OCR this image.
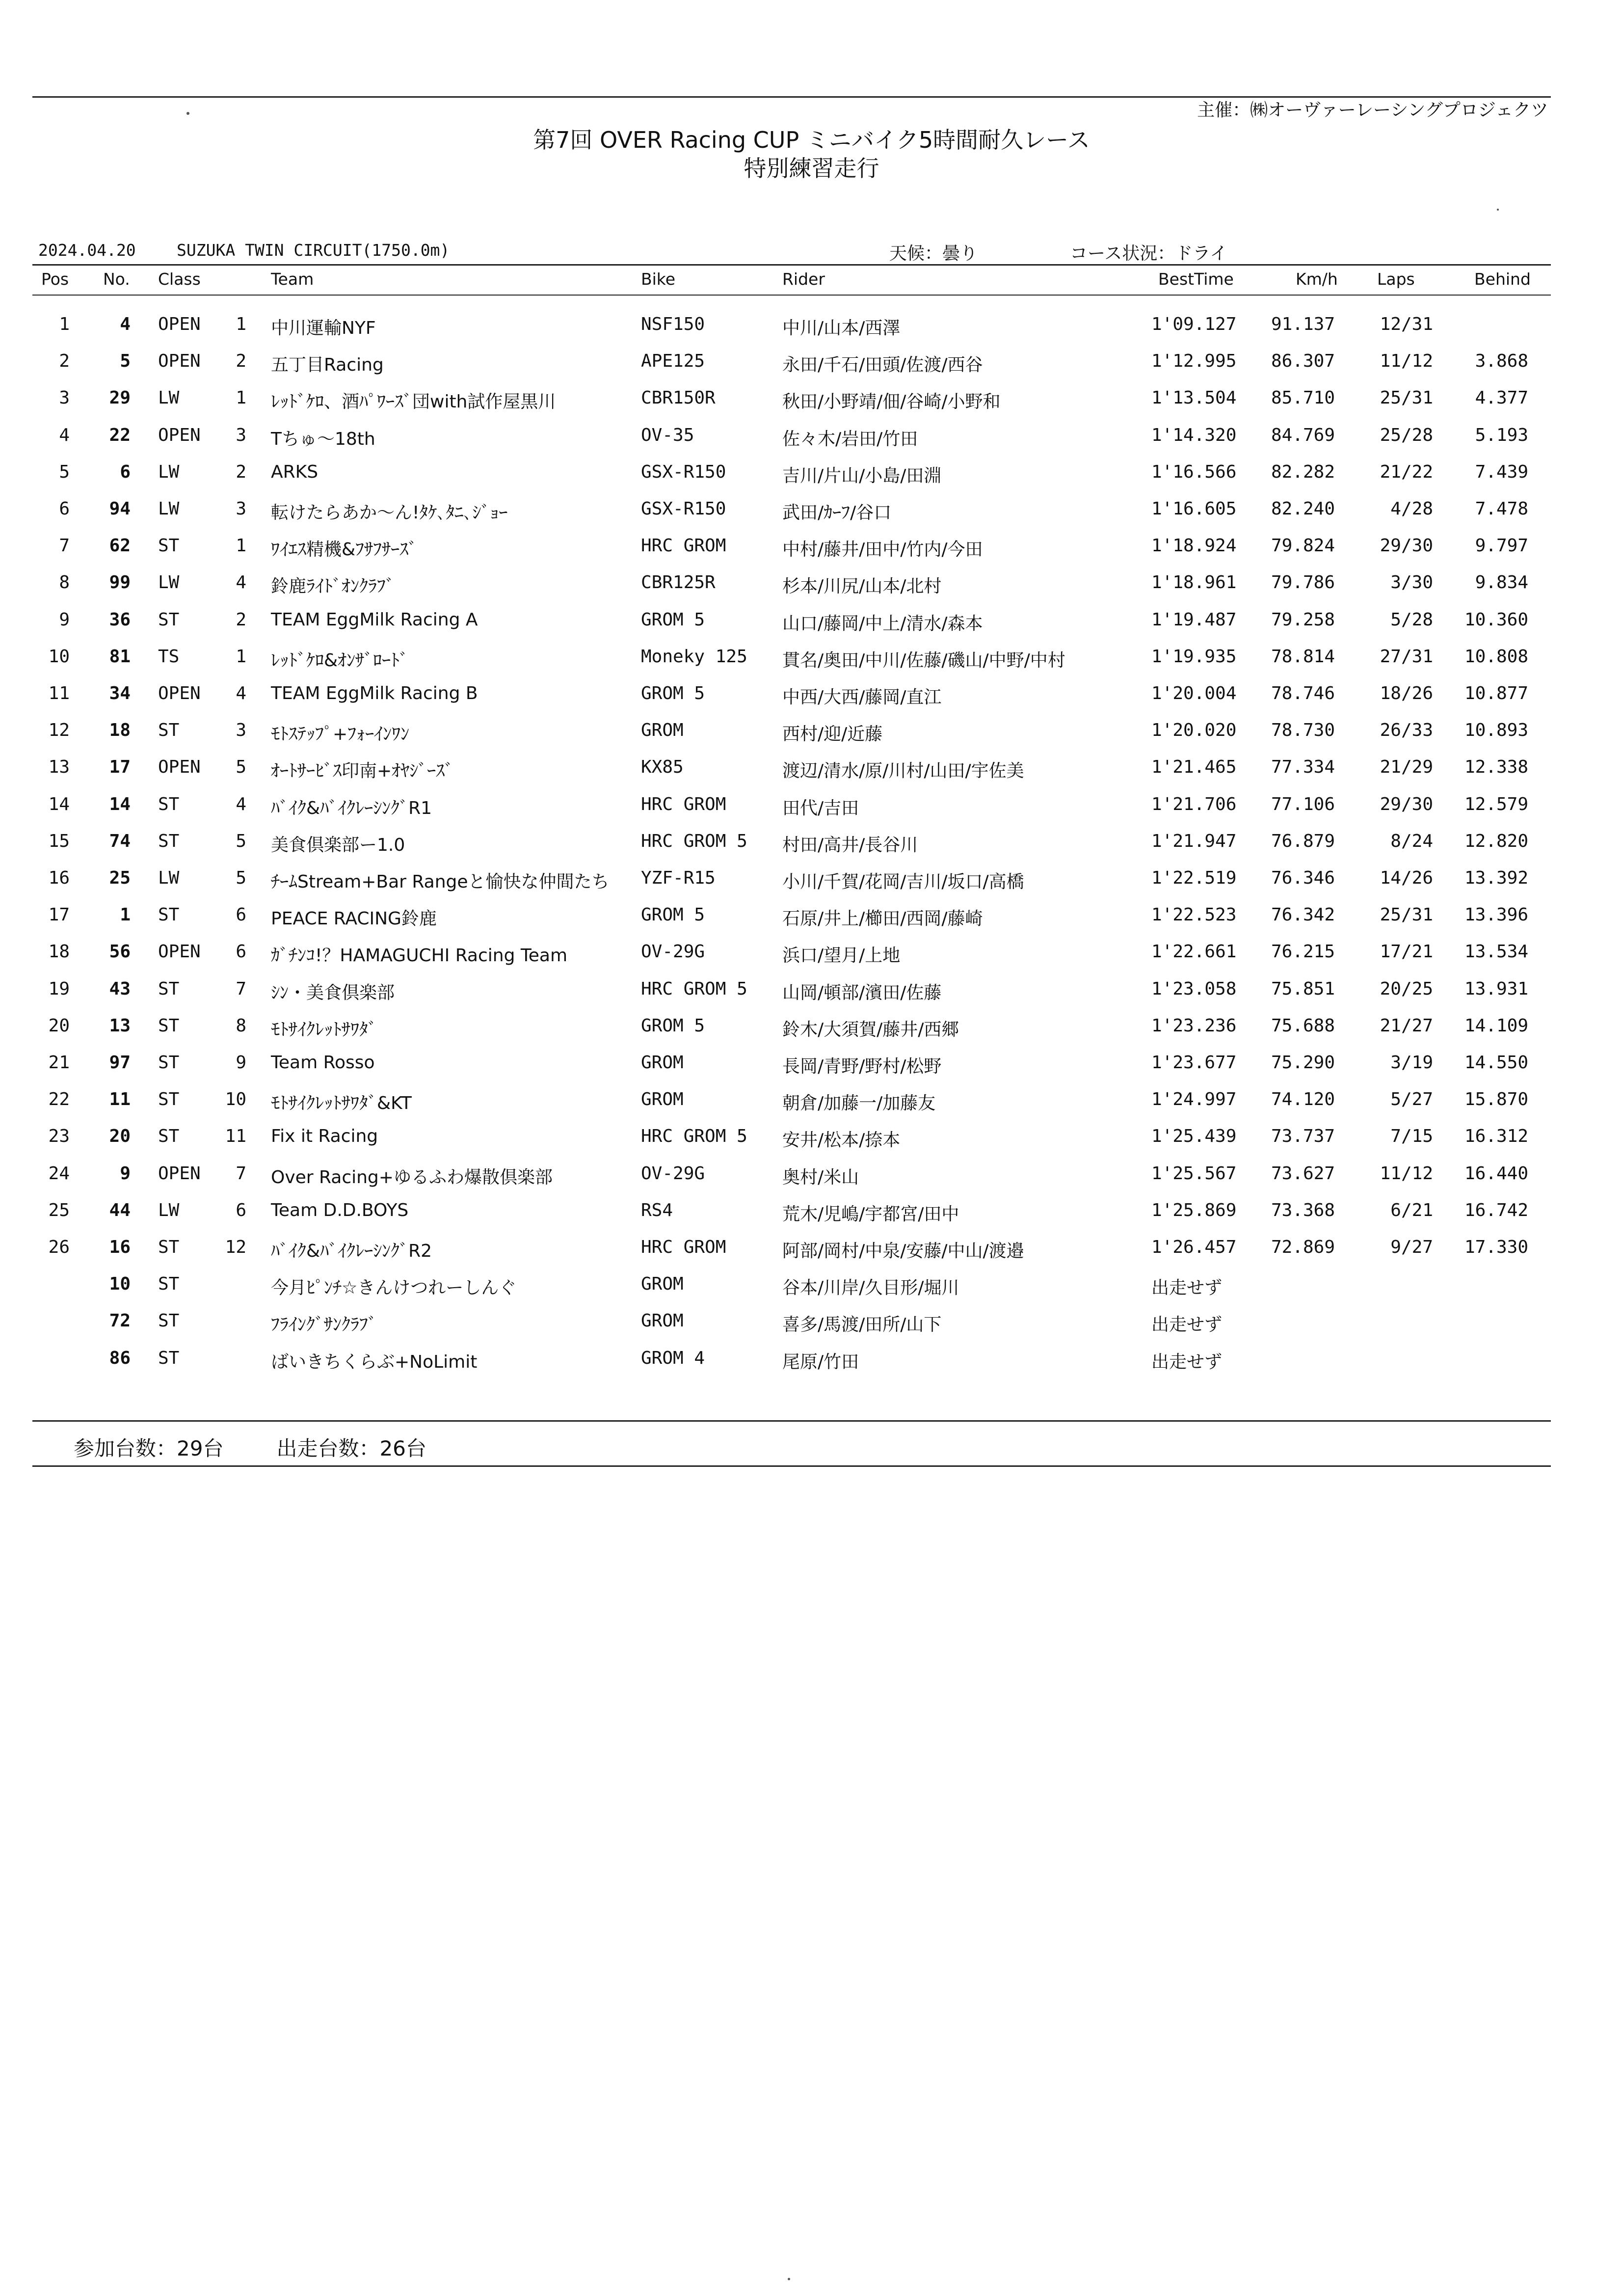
主催：㈱オーヴァーレーシングプロジェクツ
第7回 OVER Racing CUP ミニバイク5時間耐久レース
特別練習走行
2024.04.20	SUZUKA TWIN CIRCUIT(1750.0m)	天候：曇り	コース状況：ドライ
Pos No. Class	Team	Bike	Rider	BestTime	Km/h Laps	Behind
1	4 OPEN	1 中川運輸NYF	NSF150	中川/山本/西澤	1'09.127	91.137	12/31
2	5 OPEN	2 五丁目Racing	APE125	永田/千石/田頭/佐渡/西谷	1'12.995	86.307	11/12	3.868
3	29 LW	1 ﾚｯﾄﾞｹﾛ、酒ﾊﾟﾜｰｽﾞ団with試作屋黒川	CBR150R	秋田/小野靖/佃/谷崎/小野和	1'13.504	85.710	25/31	4.377
4	22 OPEN	3 Tちゅ～18th	OV-35	佐々木/岩田/竹田	1'14.320	84.769	25/28	5.193
5	6 LW	2 ARKS	GSX-R150	吉川/片山/小島/田淵	1'16.566	82.282	21/22	7.439
6	94 LW	3 転けたらあか～ん!ﾀｹ､ﾀﾆ､ｼﾞｮｰ	GSX-R150	武田/ｶｰﾌ/谷口	1'16.605	82.240	4/28	7.478
7	62 ST	1 ﾜｲｴｽ精機&ﾌｻﾌｻｰｽﾞ	HRC GROM	中村/藤井/田中/竹内/今田	1'18.924	79.824	29/30	9.797
8	99 LW	4 鈴鹿ﾗｲﾄﾞｵﾝｸﾗﾌﾞ	CBR125R	杉本/川尻/山本/北村	1'18.961	79.786	3/30	9.834
9	36 ST	2 TEAM EggMilk Racing A	GROM 5	山口/藤岡/中上/清水/森本	1'19.487	79.258	5/28	10.360
10	81 TS	1 ﾚｯﾄﾞｹﾛ&ｵﾝｻﾞﾛｰﾄﾞ	Moneky 125	貫名/奥田/中川/佐藤/磯山/中野/中村	1'19.935	78.814	27/31	10.808
11	34 OPEN	4 TEAM EggMilk Racing B	GROM 5	中西/大西/藤岡/直江	1'20.004	78.746	18/26	10.877
12	18 ST	3 ﾓﾄｽﾃｯﾌﾟ+ﾌｫｰｲﾝﾜﾝ	GROM	西村/迎/近藤	1'20.020	78.730	26/33	10.893
13	17 OPEN	5 ｵｰﾄｻｰﾋﾞｽ印南+ｵﾔｼﾞｰｽﾞ	KX85	渡辺/清水/原/川村/山田/宇佐美	1'21.465	77.334	21/29	12.338
14	14 ST	4 ﾊﾞｲｸ&ﾊﾞｲｸﾚｰｼﾝｸﾞR1	HRC GROM	田代/吉田	1'21.706	77.106	29/30	12.579
15	74 ST	5 美食倶楽部ー1.0	HRC GROM 5	村田/高井/長谷川	1'21.947	76.879	8/24	12.820
16	25 LW	5 ﾁｰﾑStream+Bar Rangeと愉快な仲間たち	YZF-R15	小川/千賀/花岡/吉川/坂口/高橋	1'22.519	76.346	14/26	13.392
17	1 ST	6 PEACE RACING鈴鹿	GROM 5	石原/井上/櫛田/西岡/藤崎	1'22.523	76.342	25/31	13.396
18	56 OPEN	6 ｶﾞﾁﾝｺ!？HAMAGUCHI Racing Team	OV-29G	浜口/望月/上地	1'22.661	76.215	17/21	13.534
19	43 ST	7 ｼﾝ・美食倶楽部	HRC GROM 5	山岡/頓部/濱田/佐藤	1'23.058	75.851	20/25	13.931
20	13 ST	8 ﾓﾄｻｲｸﾚｯﾄｻﾜﾀﾞ	GROM 5	鈴木/大須賀/藤井/西郷	1'23.236	75.688	21/27	14.109
21	97 ST	9 Team Rosso	GROM	長岡/青野/野村/松野	1'23.677	75.290	3/19	14.550
22	11 ST	10 ﾓﾄｻｲｸﾚｯﾄｻﾜﾀﾞ&KT	GROM	朝倉/加藤一/加藤友	1'24.997	74.120	5/27	15.870
23	20 ST	11 Fix it Racing	HRC GROM 5	安井/松本/捺本	1'25.439	73.737	7/15	16.312
24	9 OPEN	7 Over Racing+ゆるふわ爆散倶楽部	OV-29G	奥村/米山	1'25.567	73.627	11/12	16.440
25	44 LW	6 Team D.D.BOYS	RS4	荒木/児嶋/宇都宮/田中	1'25.869	73.368	6/21	16.742
26	16 ST	12 ﾊﾞｲｸ&ﾊﾞｲｸﾚｰｼﾝｸﾞR2	HRC GROM	阿部/岡村/中泉/安藤/中山/渡邉	1'26.457	72.869	9/27	17.330
10 ST	今月ﾋﾟﾝﾁ☆きんけつれーしんぐ	GROM	谷本/川岸/久目形/堀川	出走せず
72 ST	ﾌﾗｲﾝｸﾞｻﾝｸﾗﾌﾞ	GROM	喜多/馬渡/田所/山下	出走せず
86 ST	ばいきちくらぶ+NoLimit	GROM 4	尾原/竹田	出走せず
参加台数：29台	出走台数：26台
